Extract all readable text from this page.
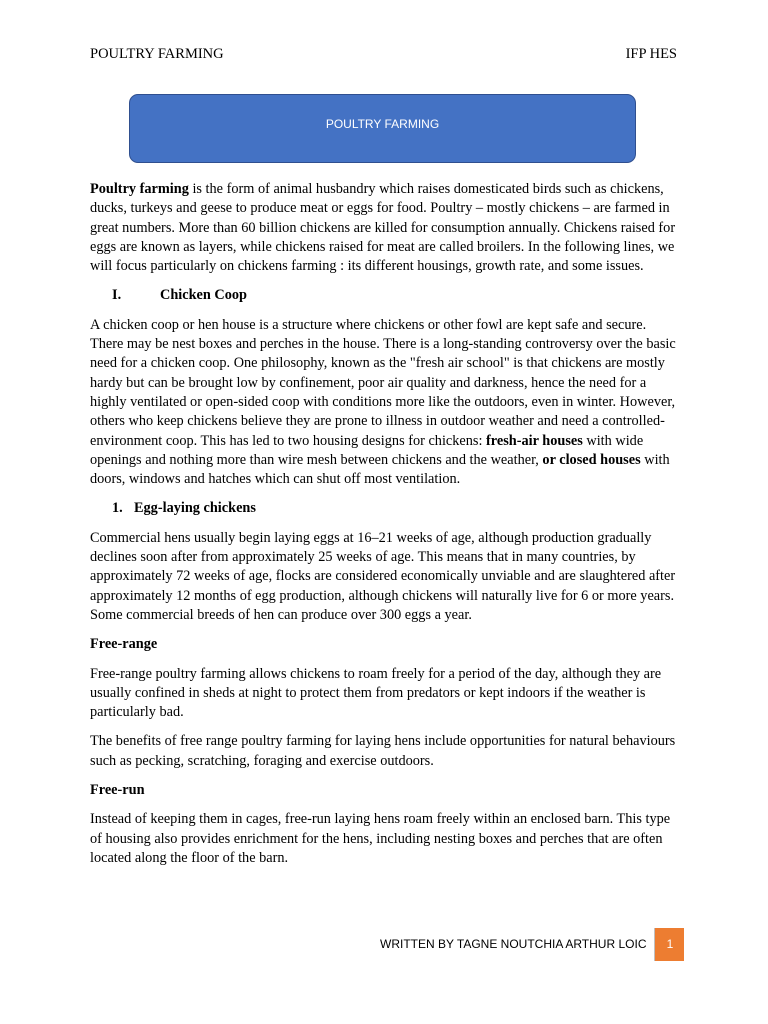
POULTRY FARMING	IFP HES
POULTRY FARMING

Poultry farming is the form of animal husbandry which raises domesticated birds such as chickens, ducks, turkeys and geese to produce meat or eggs for food. Poultry – mostly chickens – are farmed in great numbers. More than 60 billion chickens are killed for consumption annually. Chickens raised for eggs are known as layers, while chickens raised for meat are called broilers. In the following lines, we will focus particularly on chickens farming : its different housings, growth rate, and some issues.

I.	Chicken Coop

A chicken coop or hen house is a structure where chickens or other fowl are kept safe and secure. There may be nest boxes and perches in the house. There is a long-standing controversy over the basic need for a chicken coop. One philosophy, known as the "fresh air school" is that chickens are mostly hardy but can be brought low by confinement, poor air quality and darkness, hence the need for a highly ventilated or open-sided coop with conditions more like the outdoors, even in winter. However, others who keep chickens believe they are prone to illness in outdoor weather and need a controlled-environment coop. This has led to two housing designs for chickens: fresh-air houses with wide openings and nothing more than wire mesh between chickens and the weather, or closed houses with doors, windows and hatches which can shut off most ventilation.

1. Egg-laying chickens

Commercial hens usually begin laying eggs at 16–21 weeks of age, although production gradually declines soon after from approximately 25 weeks of age. This means that in many countries, by approximately 72 weeks of age, flocks are considered economically unviable and are slaughtered after approximately 12 months of egg production, although chickens will naturally live for 6 or more years. Some commercial breeds of hen can produce over 300 eggs a year.

Free-range

Free-range poultry farming allows chickens to roam freely for a period of the day, although they are usually confined in sheds at night to protect them from predators or kept indoors if the weather is particularly bad.

The benefits of free range poultry farming for laying hens include opportunities for natural behaviours such as pecking, scratching, foraging and exercise outdoors.

Free-run

Instead of keeping them in cages, free-run laying hens roam freely within an enclosed barn. This type of housing also provides enrichment for the hens, including nesting boxes and perches that are often located along the floor of the barn.

WRITTEN BY TAGNE NOUTCHIA ARTHUR LOIC	1
